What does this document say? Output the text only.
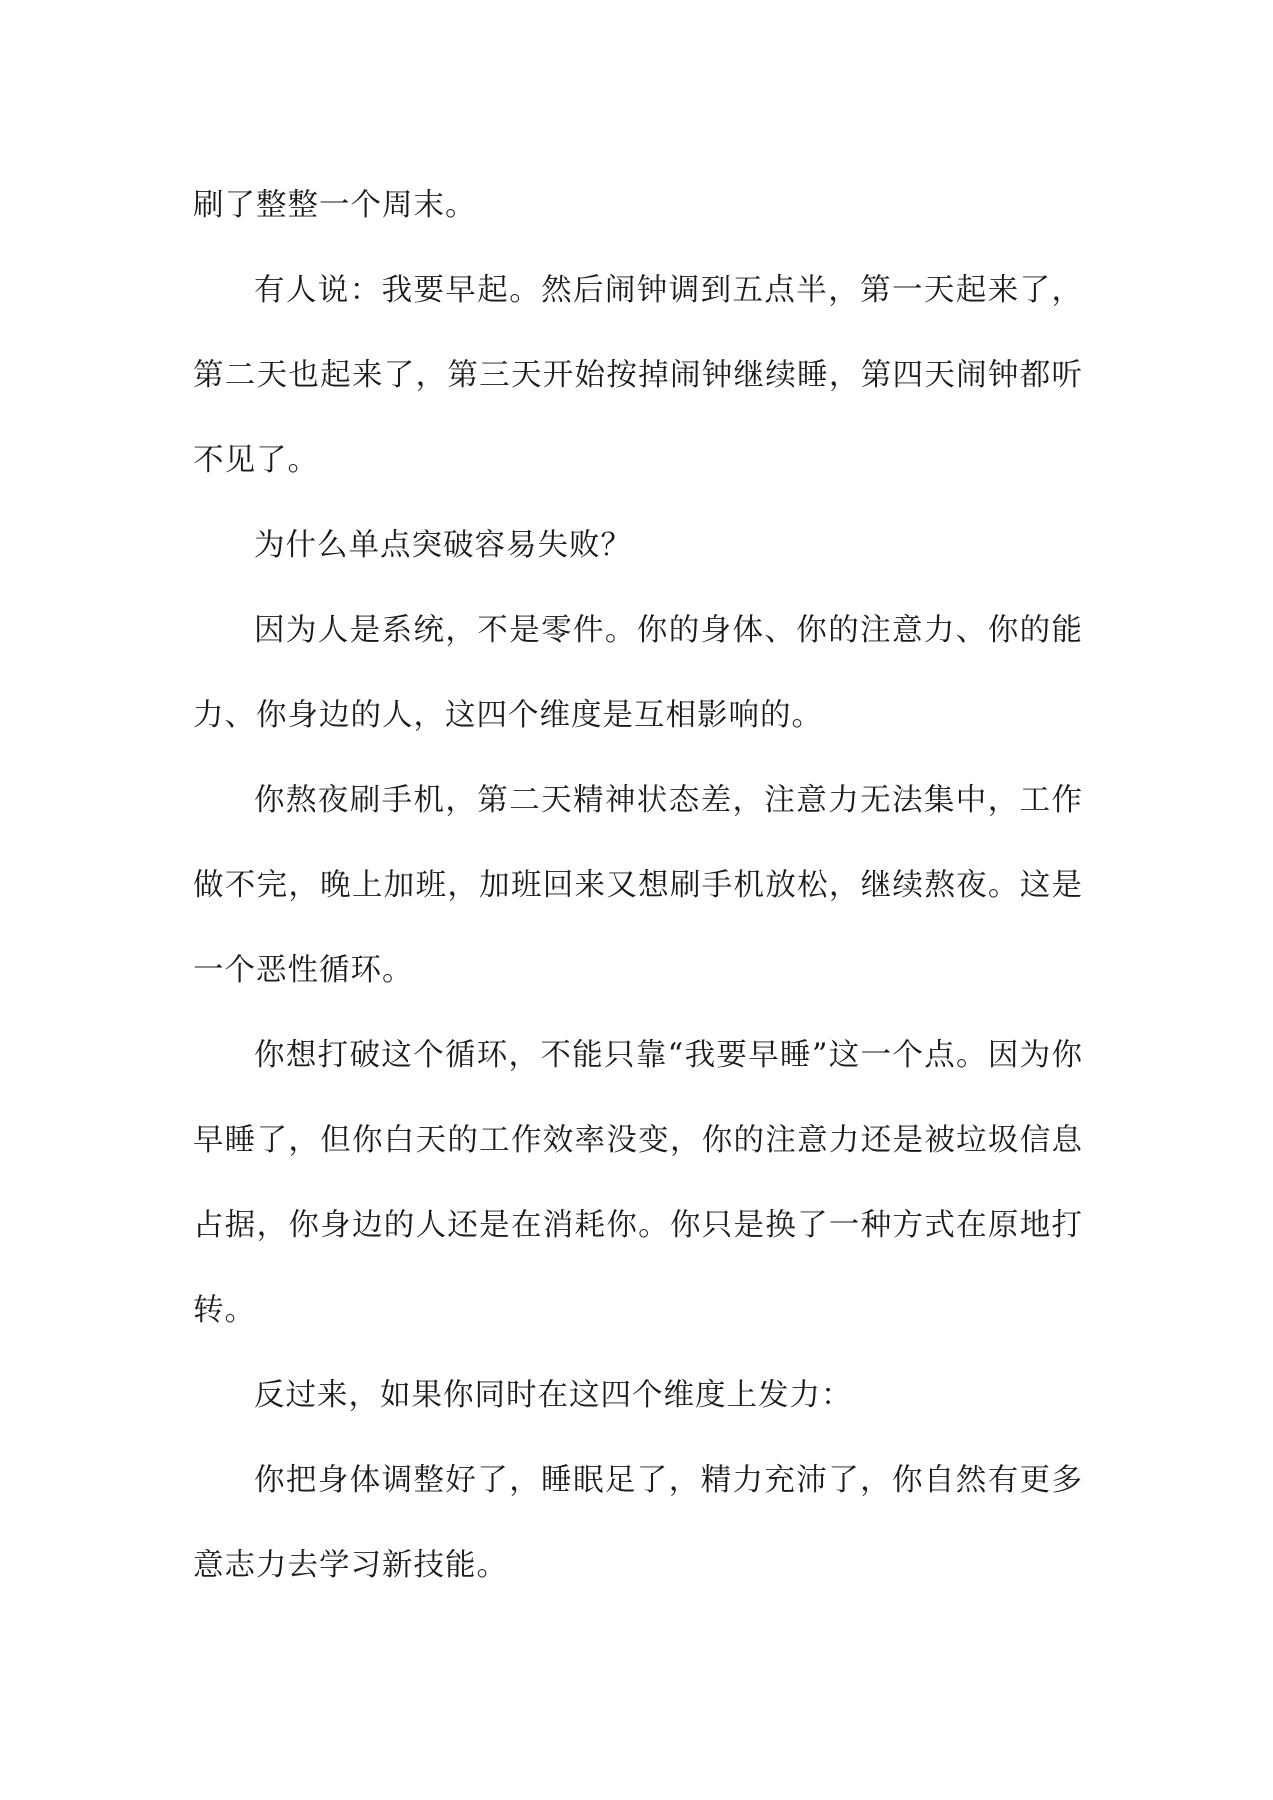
刷了整整一个周末。

有人说：我要早起。然后闹钟调到五点半，第一天起来了，第二天也起来了，第三天开始按掉闹钟继续睡，第四天闹钟都听不见了。

为什么单点突破容易失败？

因为人是系统，不是零件。你的身体、你的注意力、你的能力、你身边的人，这四个维度是互相影响的。

你熬夜刷手机，第二天精神状态差，注意力无法集中，工作做不完，晚上加班，加班回来又想刷手机放松，继续熬夜。这是一个恶性循环。

你想打破这个循环，不能只靠“我要早睡”这一个点。因为你早睡了，但你白天的工作效率没变，你的注意力还是被垃圾信息占据，你身边的人还是在消耗你。你只是换了一种方式在原地打转。

反过来，如果你同时在这四个维度上发力：

你把身体调整好了，睡眠足了，精力充沛了，你自然有更多意志力去学习新技能。
